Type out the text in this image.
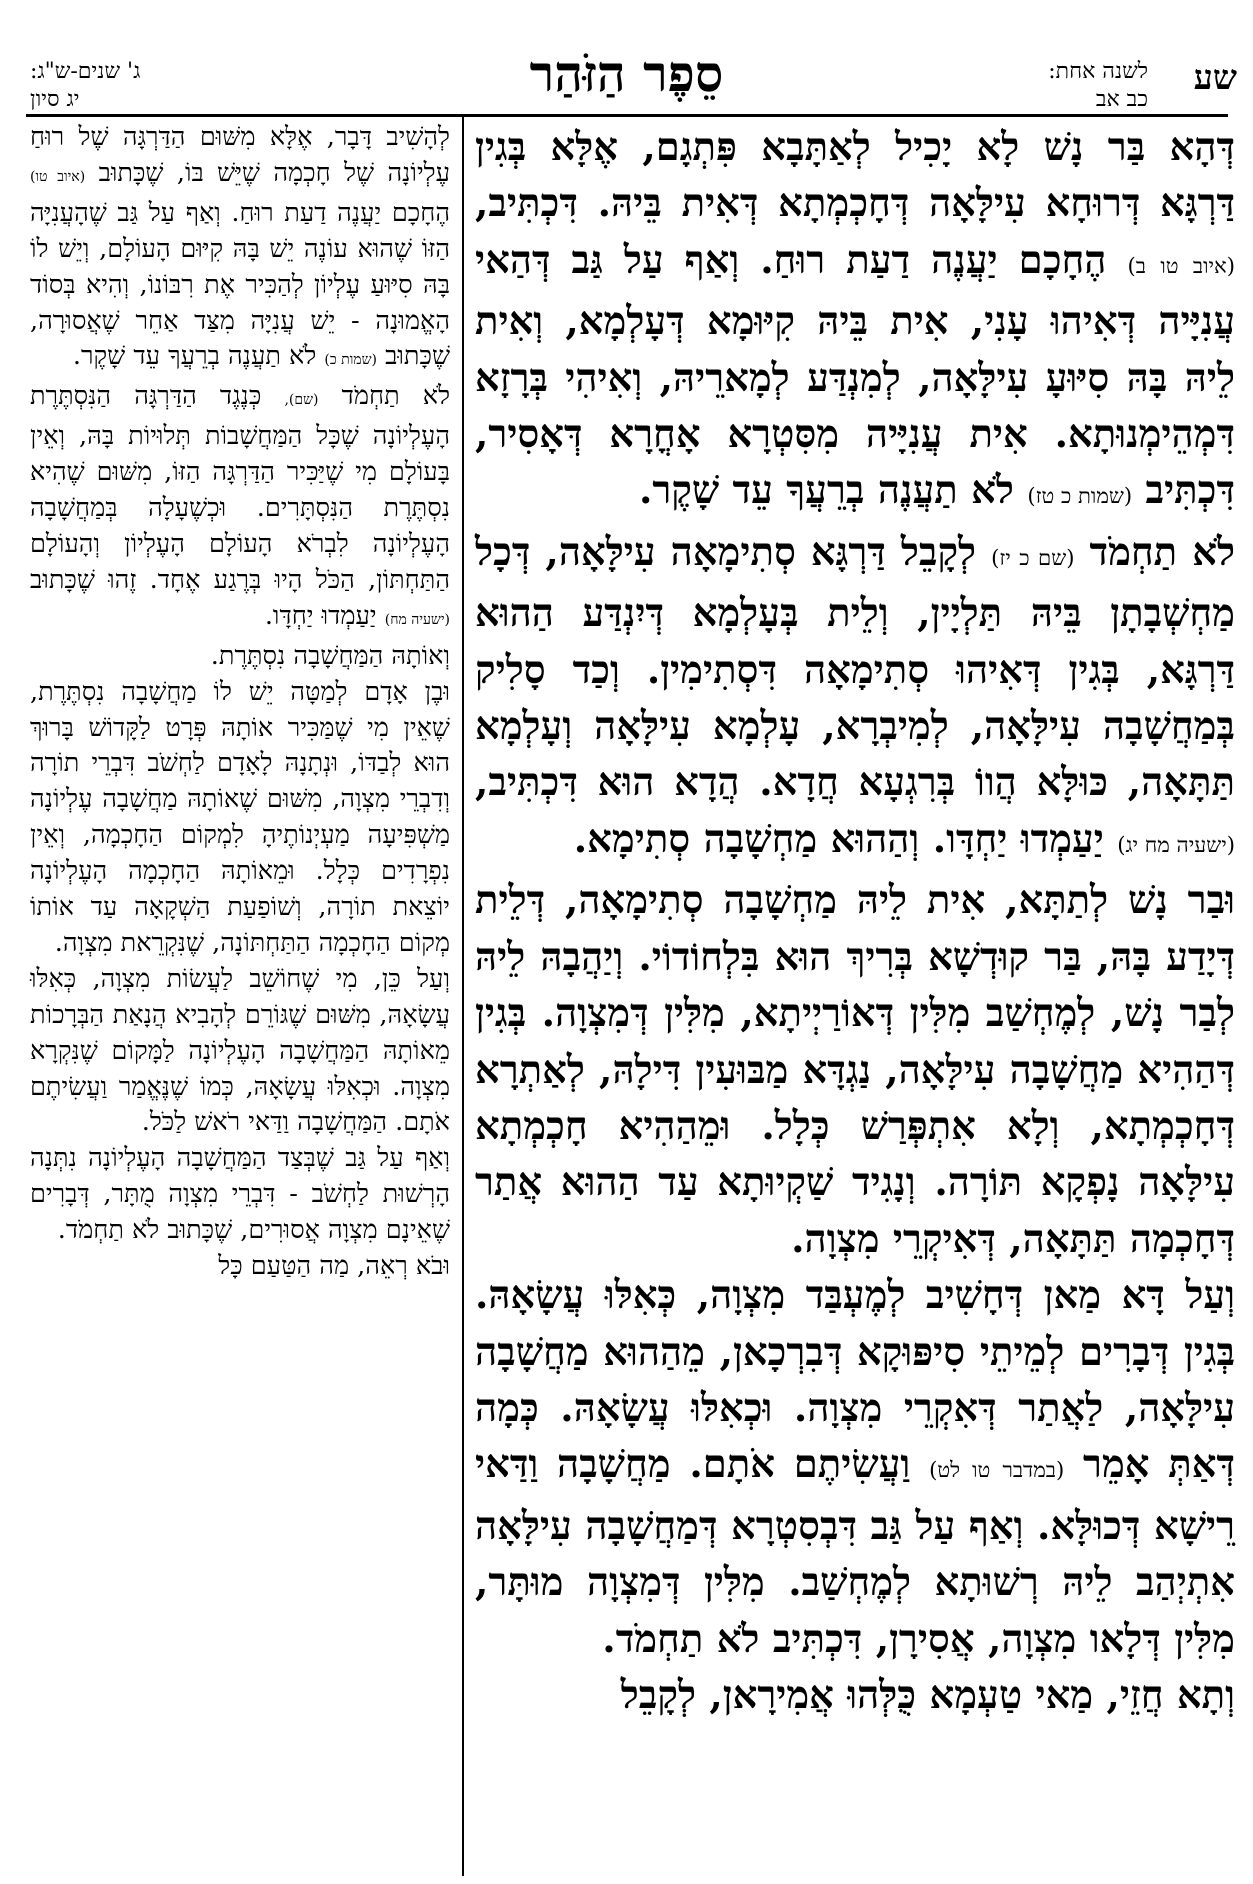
סֵפֶר הַזֹּהַר	שע
לשנה אחת:
כב אב
ג' שנים-ש"ג:
יג סיון

דְּהָא בַּר נָשׁ לָא יָכִיל לְאַתָּבָא פִּתְגָם, אֶלָּא בְּגִין דַּרְגָּא דְּרוּחָא עִילָּאָה דְּחָכְמְתָא דְּאִית בֵּיהּ. דִּכְתִּיב, (איוב טו ב) הֶחָכָם יַעֲנֶה דַעַת רוּחַ. וְאַף עַל גַּב דְּהַאי עֲנִיָּיה דְּאִיהוּ עָנִי, אִית בֵּיהּ קִיּוּמָא דְּעָלְמָא, וְאִית לֵיהּ בָּהּ סִיּוּעָ עִילָּאָה, לְמִנְדַּע לְמָארֵיהּ, וְאִיהִי בְּרָזָא דִּמְהֵימְנוּתָא. אִית עֲנִיָּיה מִסִּטְרָא אָחֳרָא דְּאָסִיר, דִּכְתִּיב (שמות כ טז) לֹא תַעֲנֶה בְרֵעֲךָ עֵד שָׁקֶר.

לֹא תַחְמֹד (שם כ יז) לְקָבֵל דַּרְגָּא סְתִימָאָה עִילָּאָה, דְּכָל מַחְשְׁבָתָן בֵּיהּ תַּלְיָין, וְלֵית בְּעָלְמָא דְּיִנְדַּע הַהוּא דַּרְגָּא, בְּגִין דְּאִיהוּ סְתִימָאָה דִּסְתִימִין. וְכַד סָלִיק בְּמַחֲשָׁבָה עִילָּאָה, לְמִיבְרָא, עָלְמָא עִילָּאָה וְעָלְמָא תַּתָּאָה, כּוּלָּא הֲווֹ בְּרִגְעָא חֲדָא. הֲדָא הוּא דִּכְתִּיב, (ישעיה מח יג) יַעַמְדוּ יַחְדָּו. וְהַהוּא מַחְשָׁבָה סְתִימָא.

וּבַר נָשׁ לְתַתָּא, אִית לֵיהּ מַחְשָׁבָה סְתִימָאָה, דְּלֵית דְּיָדַע בָּהּ, בַּר קוּדְשָׁא בְּרִיךְ הוּא בִּלְחוֹדוֹי. וְיַהֲבָהּ לֵיהּ לְבַר נָשׁ, לְמֶחְשַׁב מִלִּין דְּאוֹרַיְיתָא, מִלִּין דְּמִצְוָה. בְּגִין דְּהַהִיא מַחֲשָׁבָה עִילָּאָה, נַגְדָּא מַבּוּעִין דִּילָהּ, לְאַתְרָא דְּחָכְמְתָא, וְלָא אִתְפְּרַשׁ כְּלָל. וּמֵהַהִיא חָכְמְתָא עִילָּאָה נָפְקָא תּוֹרָה. וְנָגִיד שַׁקְיוּתָא עַד הַהוּא אֲתַר דְּחָכְמָה תַּתָּאָה, דְּאִיקְרֵי מִצְוָה.

וְעַל דָּא מַאן דְּחָשִׁיב לְמֶעְבַּד מִצְוָה, כְּאִלּוּ עֲשָׂאָהּ. בְּגִין דְּבָרִים לְמֵיתֵי סִיפּוּקָא דְּבִרְכָאן, מֵהַהוּא מַחֲשָׁבָה עִילָּאָה, לַאֲתַר דְּאִקְרֵי מִצְוָה. וּכְאִלּוּ עֲשָׂאָהּ. כְּמָה דְּאַתְּ אָמֵר (במדבר טו לט) וַעֲשִׂיתֶם אֹתָם. מַחֲשָׁבָה וַדַּאי רֵישָׁא דְּכוּלָּא. וְאַף עַל גַּב דִּבְסִטְרָא דְּמַחֲשָׁבָה עִילָּאָה אִתְיְהַב לֵיהּ רְשׁוּתָא לְמֶחְשַׁב. מִלִּין דְּמִצְוָה מוּתָּר, מִלִּין דְּלָאו מִצְוָה, אֲסִירָן, דִּכְתִּיב לֹא תַחְמֹד.

וְתָא חֲזֵי, מַאי טַעְמָא כֻּלְּהוּ אֲמִירָאן, לְקָבֵל

לְהָשִׁיב דָּבָר, אֶלָּא מִשּׁוּם הַדַּרְגָּה שֶׁל רוּחַ עֶלְיוֹנָה שֶׁל חָכְמָה שֶׁיֵּשׁ בּוֹ, שֶׁכָּתוּב (איוב טו) הֶחָכָם יַעֲנֶה דַעַת רוּחַ. וְאַף עַל גַּב שֶׁהָעֲנִיָּה הַזּוֹ שֶׁהוּא עוֹנֶה יֵשׁ בָּהּ קִיּוּם הָעוֹלָם, וְיֵשׁ לוֹ בָּהּ סִיּוּעַ עֶלְיוֹן לְהַכִּיר אֶת רִבּוֹנוֹ, וְהִיא בְּסוֹד הָאֱמוּנָה - יֵשׁ עֲנִיָּה מִצַּד אַחֵר שֶׁאֲסוּרָה, שֶׁכָּתוּב (שמות כ) לֹא תַעֲנֶה בְרֵעֲךָ עֵד שָׁקֶר.

לֹא תַחְמֹד (שם), כְּנֶגֶד הַדַּרְגָּה הַנִּסְתֶּרֶת הָעֶלְיוֹנָה שֶׁכָּל הַמַּחֲשָׁבוֹת תְּלוּיוֹת בָּהּ, וְאֵין בָּעוֹלָם מִי שֶׁיַּכִּיר הַדַּרְגָּה הַזּוֹ, מִשּׁוּם שֶׁהִיא נִסְתֶּרֶת הַנִּסְתָּרִים. וּכְשֶׁעָלָה בְּמַחֲשָׁבָה הָעֶלְיוֹנָה לִבְרֹא הָעוֹלָם הָעֶלְיוֹן וְהָעוֹלָם הַתַּחְתּוֹן, הַכֹּל הָיוּ בְּרֶגַע אֶחָד. זֶהוּ שֶׁכָּתוּב (ישעיה מח) יַעַמְדוּ יַחְדָּו.

וְאוֹתָהּ הַמַּחֲשָׁבָה נִסְתֶּרֶת.

וּבֶן אָדָם לְמַטָּה יֵשׁ לוֹ מַחֲשָׁבָה נִסְתֶּרֶת, שֶׁאֵין מִי שֶׁמַּכִּיר אוֹתָהּ פְּרָט לַקָּדוֹשׁ בָּרוּךְ הוּא לְבַדּוֹ, וּנְתָנָהּ לָאָדָם לַחְשֹׁב דִּבְרֵי תוֹרָה וְדִבְרֵי מִצְוָה, מִשּׁוּם שֶׁאוֹתָהּ מַחֲשָׁבָה עֶלְיוֹנָה מַשְׁפִּיעָה מַעְיְנוֹתֶיהָ לִמְקוֹם הַחָכְמָה, וְאֵין נִפְרָדִים כְּלָל. וּמֵאוֹתָהּ הַחָכְמָה הָעֶלְיוֹנָה יוֹצֵאת תוֹרָה, וְשׁוֹפַעַת הַשְׁקָאָה עַד אוֹתוֹ מְקוֹם הַחָכְמָה הַתַּחְתּוֹנָה, שֶׁנִּקְרֵאת מִצְוָה.

וְעַל כֵּן, מִי שֶׁחוֹשֵׁב לַעֲשׂוֹת מִצְוָה, כְּאִלּוּ עֲשָׂאָהּ, מִשּׁוּם שֶׁגּוֹרֵם לְהָבִיא הֲנָאַת הַבְּרָכוֹת מֵאוֹתָהּ הַמַּחֲשָׁבָה הָעֶלְיוֹנָה לַמָּקוֹם שֶׁנִּקְרָא מִצְוָה. וּכְאִלּוּ עֲשָׂאָהּ, כְּמוֹ שֶׁנֶּאֱמַר וַעֲשִׂיתֶם אֹתָם. הַמַּחֲשָׁבָה וַדַּאי רֹאשׁ לַכֹּל.

וְאַף עַל גַּב שֶׁבְּצַד הַמַּחֲשָׁבָה הָעֶלְיוֹנָה נִתְּנָה הָרְשׁוּת לַחְשֹׁב - דִּבְרֵי מִצְוָה מֻתָּר, דְּבָרִים שֶׁאֵינָם מִצְוָה אֲסוּרִים, שֶׁכָּתוּב לֹא תַחְמֹד.

וּבֹא רְאֵה, מַה הַטַּעַם כָּל
